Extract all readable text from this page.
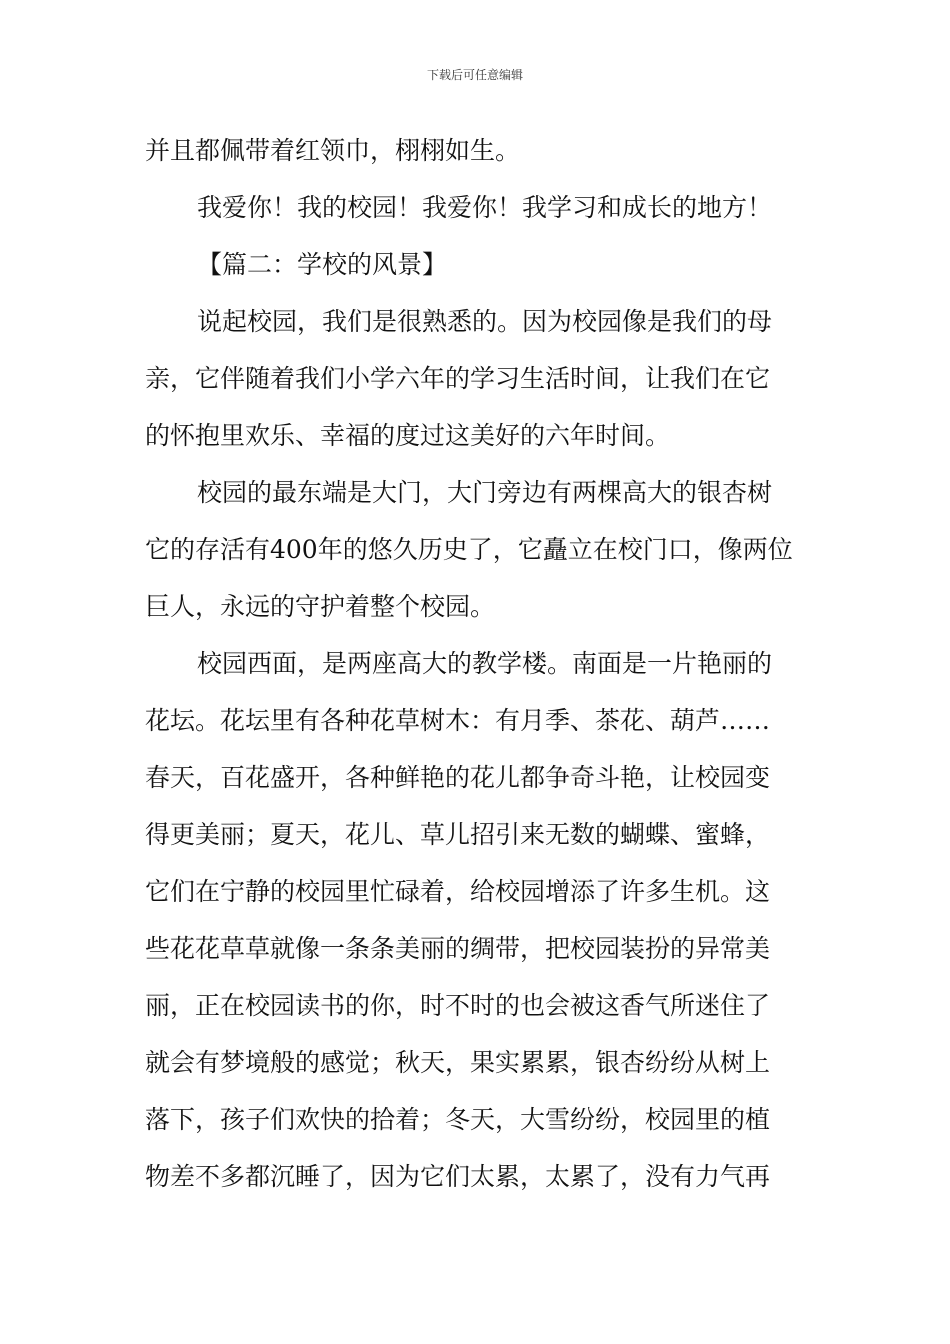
下载后可任意编辑
并且都佩带着红领巾，栩栩如生。
我爱你！我的校园！我爱你！我学习和成长的地方！
【篇二：学校的风景】
说起校园，我们是很熟悉的。因为校园像是我们的母
亲，它伴随着我们小学六年的学习生活时间，让我们在它
的怀抱里欢乐、幸福的度过这美好的六年时间。
校园的最东端是大门，大门旁边有两棵高大的银杏树
它的存活有400年的悠久历史了，它矗立在校门口，像两位
巨人，永远的守护着整个校园。
校园西面，是两座高大的教学楼。南面是一片艳丽的
花坛。花坛里有各种花草树木：有月季、茶花、葫芦……
春天，百花盛开，各种鲜艳的花儿都争奇斗艳，让校园变
得更美丽；夏天，花儿、草儿招引来无数的蝴蝶、蜜蜂，
它们在宁静的校园里忙碌着，给校园增添了许多生机。这
些花花草草就像一条条美丽的绸带，把校园装扮的异常美
丽，正在校园读书的你，时不时的也会被这香气所迷住了
就会有梦境般的感觉；秋天，果实累累，银杏纷纷从树上
落下，孩子们欢快的拾着；冬天，大雪纷纷，校园里的植
物差不多都沉睡了，因为它们太累，太累了，没有力气再
